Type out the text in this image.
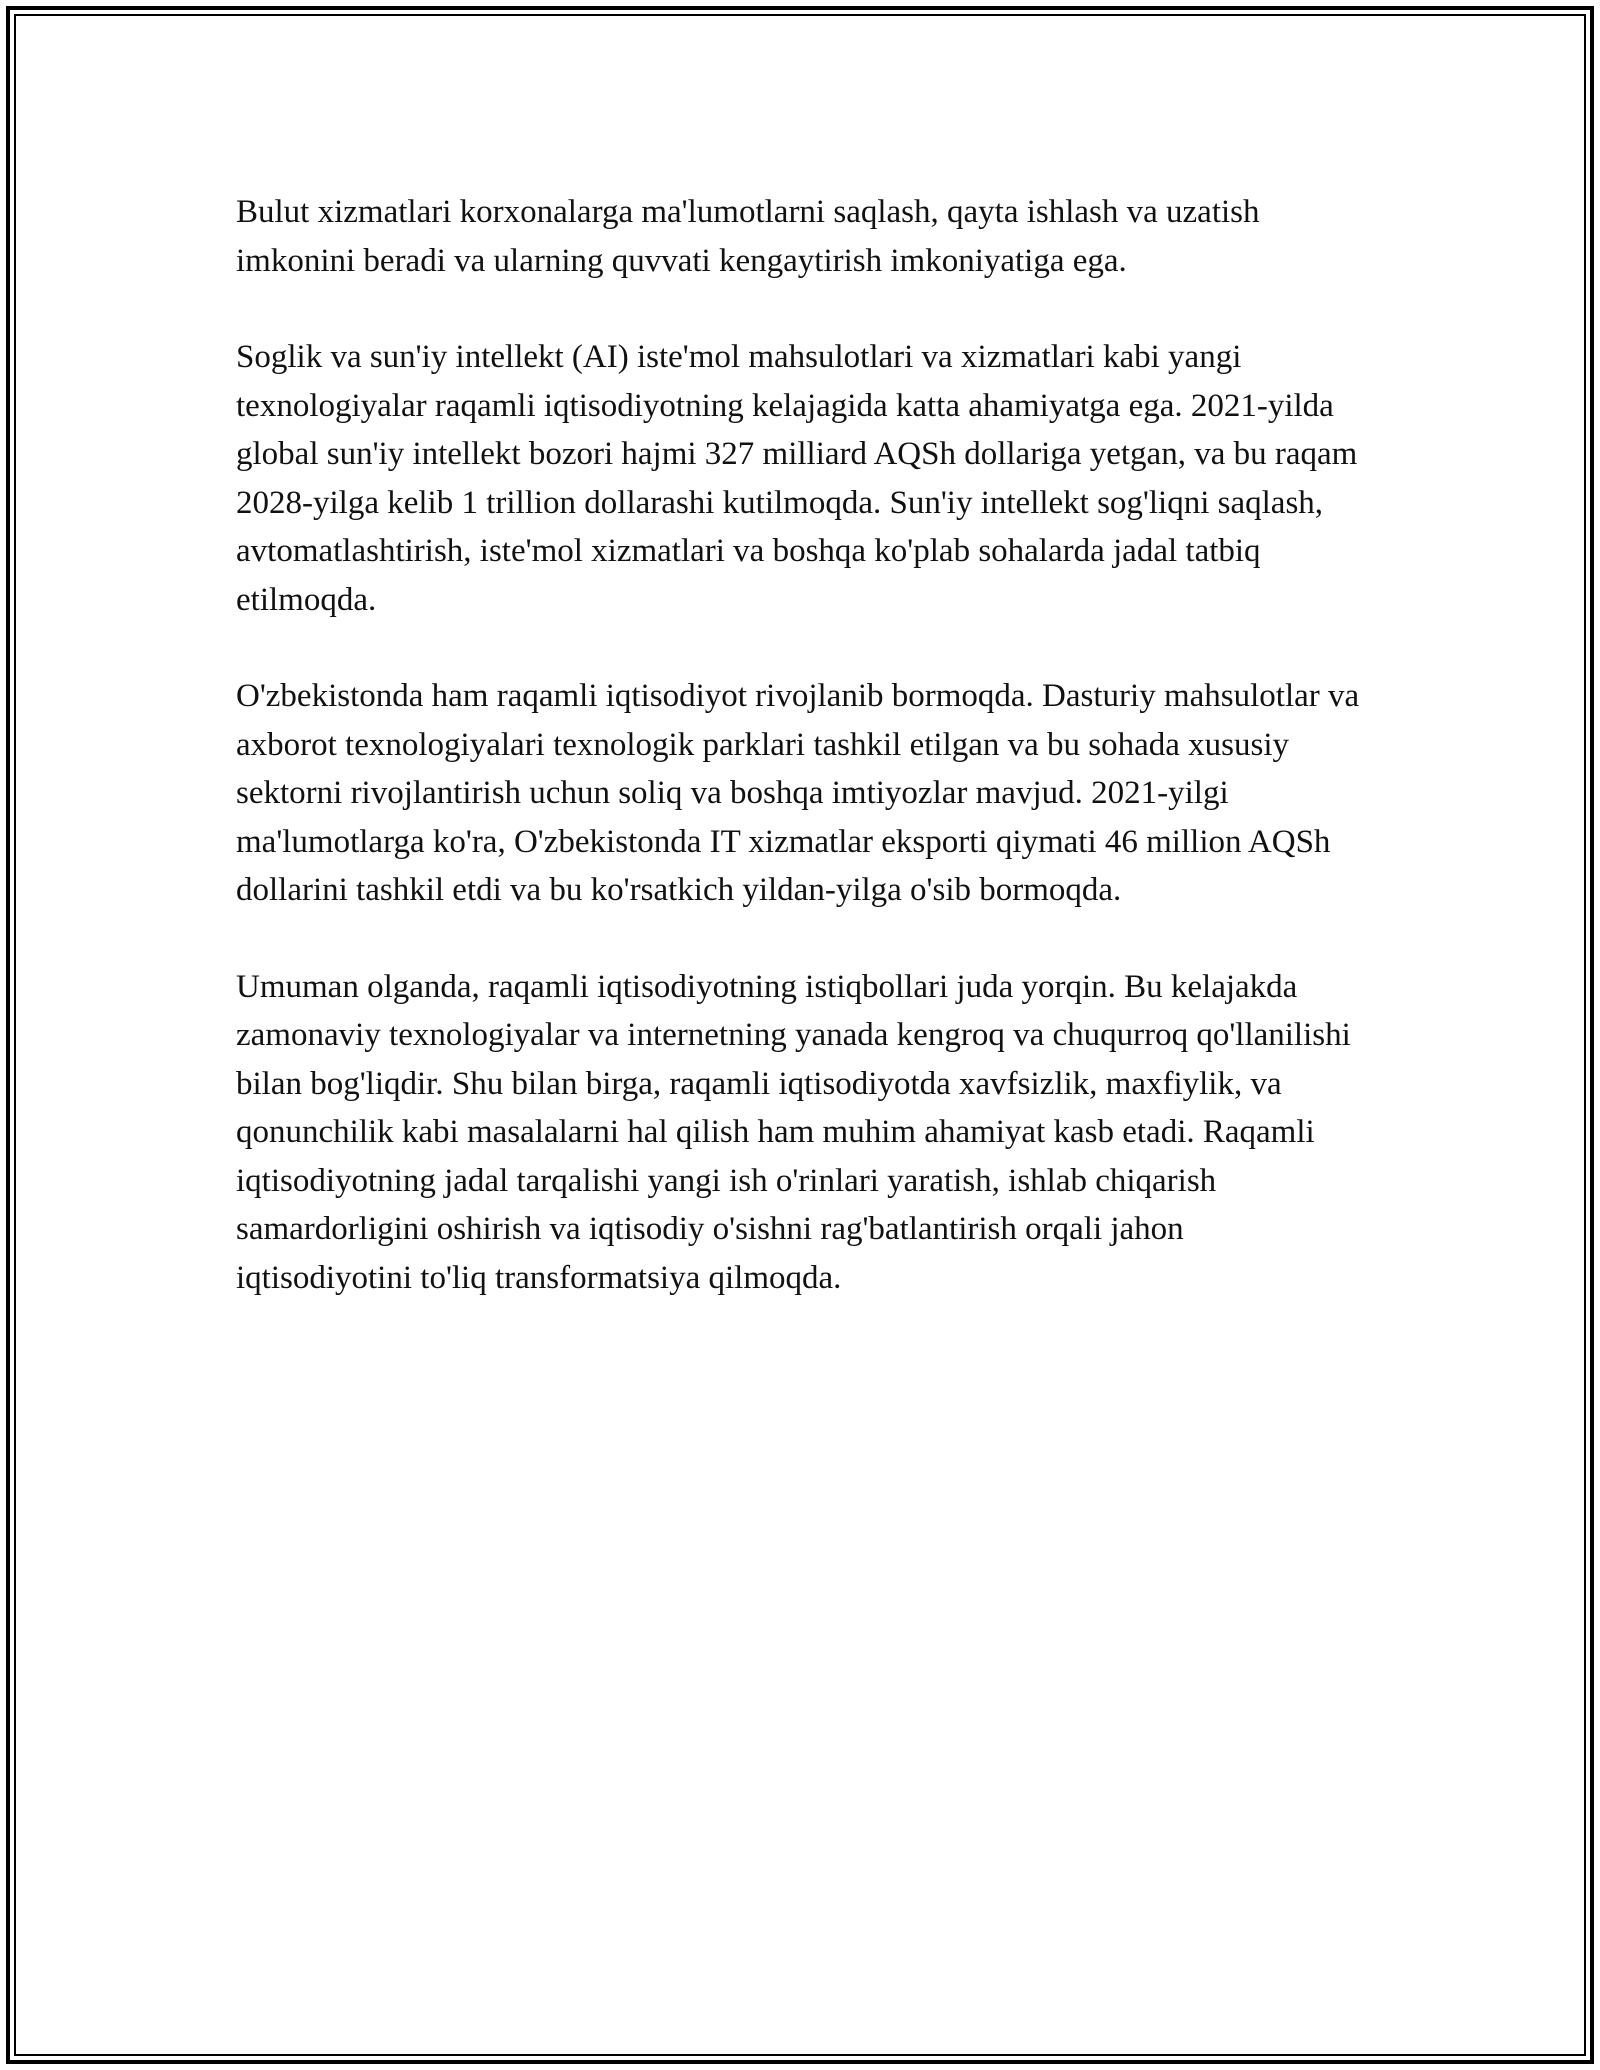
Bulut xizmatlari korxonalarga ma'lumotlarni saqlash, qayta ishlash va uzatish imkonini beradi va ularning quvvati kengaytirish imkoniyatiga ega.

Soglik va sun'iy intellekt (AI) iste'mol mahsulotlari va xizmatlari kabi yangi texnologiyalar raqamli iqtisodiyotning kelajagida katta ahamiyatga ega. 2021-yilda global sun'iy intellekt bozori hajmi 327 milliard AQSh dollariga yetgan, va bu raqam 2028-yilga kelib 1 trillion dollarashi kutilmoqda. Sun'iy intellekt sog'liqni saqlash, avtomatlashtirish, iste'mol xizmatlari va boshqa ko'plab sohalarda jadal tatbiq etilmoqda.

O'zbekistonda ham raqamli iqtisodiyot rivojlanib bormoqda. Dasturiy mahsulotlar va axborot texnologiyalari texnologik parklari tashkil etilgan va bu sohada xususiy sektorni rivojlantirish uchun soliq va boshqa imtiyozlar mavjud. 2021-yilgi ma'lumotlarga ko'ra, O'zbekistonda IT xizmatlar eksporti qiymati 46 million AQSh dollarini tashkil etdi va bu ko'rsatkich yildan-yilga o'sib bormoqda.

Umuman olganda, raqamli iqtisodiyotning istiqbollari juda yorqin. Bu kelajakda zamonaviy texnologiyalar va internetning yanada kengroq va chuqurroq qo'llanilishi bilan bog'liqdir. Shu bilan birga, raqamli iqtisodiyotda xavfsizlik, maxfiylik, va qonunchilik kabi masalalarni hal qilish ham muhim ahamiyat kasb etadi. Raqamli iqtisodiyotning jadal tarqalishi yangi ish o'rinlari yaratish, ishlab chiqarish samardorligini oshirish va iqtisodiy o'sishni rag'batlantirish orqali jahon iqtisodiyotini to'liq transformatsiya qilmoqda.
